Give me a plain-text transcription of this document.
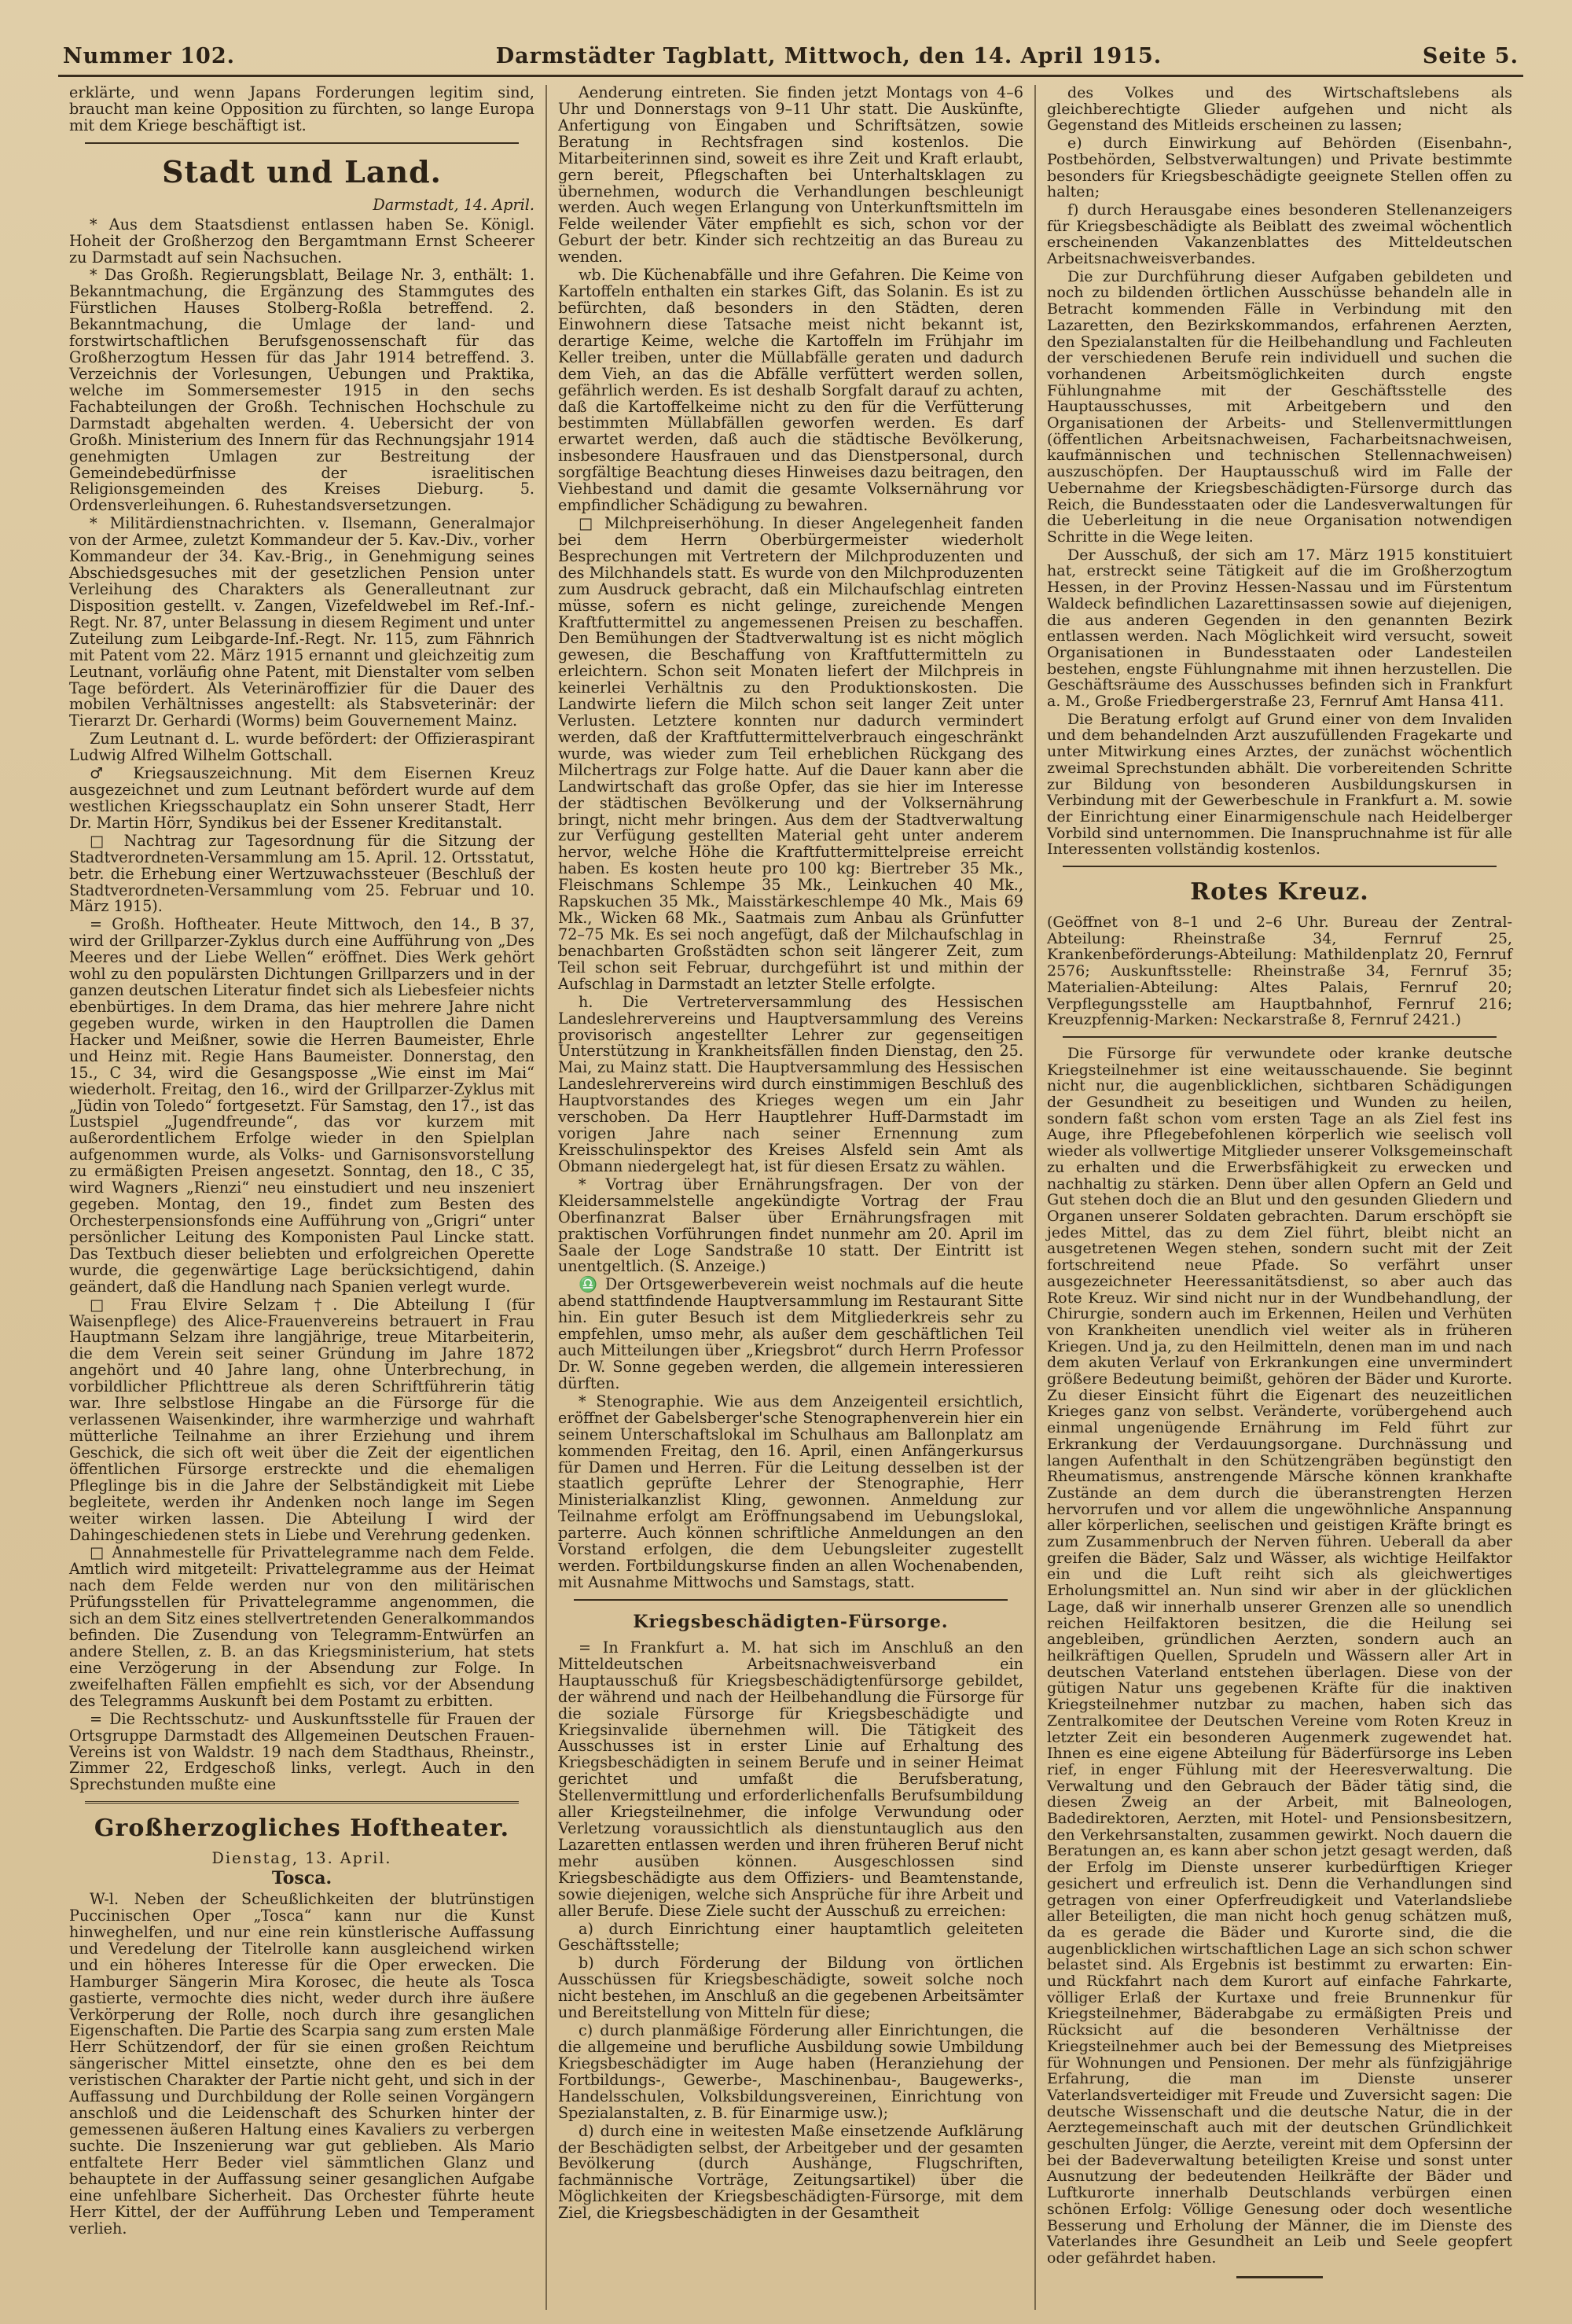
Nummer 102.	Darmstädter Tagblatt, Mittwoch, den 14. April 1915.	Seite 5.

erklärte, und wenn Japans Forderungen legitim sind, braucht man keine Opposition zu fürchten, so lange Europa mit dem Kriege beschäftigt ist.

Stadt und Land.
Darmstadt, 14. April.

* Aus dem Staatsdienst entlassen haben Se. Königl. Hoheit der Großherzog den Bergamtmann Ernst Scheerer zu Darmstadt auf sein Nachsuchen.

* Das Großh. Regierungsblatt, Beilage Nr. 3, enthält: 1. Bekanntmachung, die Ergänzung des Stammgutes des Fürstlichen Hauses Stolberg-Roßla betreffend. 2. Bekanntmachung, die Umlage der land- und forstwirtschaftlichen Berufsgenossenschaft für das Großherzogtum Hessen für das Jahr 1914 betreffend. 3. Verzeichnis der Vorlesungen, Uebungen und Praktika, welche im Sommersemester 1915 in den sechs Fachabteilungen der Großh. Technischen Hochschule zu Darmstadt abgehalten werden. 4. Uebersicht der von Großh. Ministerium des Innern für das Rechnungsjahr 1914 genehmigten Umlagen zur Bestreitung der Gemeindebedürfnisse der israelitischen Religionsgemeinden des Kreises Dieburg. 5. Ordensverleihungen. 6. Ruhestandsversetzungen.

* Militärdienstnachrichten. v. Ilsemann, Generalmajor von der Armee, zuletzt Kommandeur der 5. Kav.-Div., vorher Kommandeur der 34. Kav.-Brig., in Genehmigung seines Abschiedsgesuches mit der gesetzlichen Pension unter Verleihung des Charakters als Generalleutnant zur Disposition gestellt. v. Zangen, Vizefeldwebel im Ref.-Inf.-Regt. Nr. 87, unter Belassung in diesem Regiment und unter Zuteilung zum Leibgarde-Inf.-Regt. Nr. 115, zum Fähnrich mit Patent vom 22. März 1915 ernannt und gleichzeitig zum Leutnant, vorläufig ohne Patent, mit Dienstalter vom selben Tage befördert. Als Veterinäroffizier für die Dauer des mobilen Verhältnisses angestellt: als Stabsveterinär: der Tierarzt Dr. Gerhardi (Worms) beim Gouvernement Mainz.

Zum Leutnant d. L. wurde befördert: der Offizieraspirant Ludwig Alfred Wilhelm Gottschall.

♂ Kriegsauszeichnung. Mit dem Eisernen Kreuz ausgezeichnet und zum Leutnant befördert wurde auf dem westlichen Kriegsschauplatz ein Sohn unserer Stadt, Herr Dr. Martin Hörr, Syndikus bei der Essener Kreditanstalt.

□ Nachtrag zur Tagesordnung für die Sitzung der Stadtverordneten-Versammlung am 15. April. 12. Ortsstatut, betr. die Erhebung einer Wertzuwachssteuer (Beschluß der Stadtverordneten-Versammlung vom 25. Februar und 10. März 1915).

= Großh. Hoftheater. Heute Mittwoch, den 14., B 37, wird der Grillparzer-Zyklus durch eine Aufführung von „Des Meeres und der Liebe Wellen“ eröffnet. Dies Werk gehört wohl zu den populärsten Dichtungen Grillparzers und in der ganzen deutschen Literatur findet sich als Liebesfeier nichts ebenbürtiges. In dem Drama, das hier mehrere Jahre nicht gegeben wurde, wirken in den Hauptrollen die Damen Hacker und Meißner, sowie die Herren Baumeister, Ehrle und Heinz mit. Regie Hans Baumeister. Donnerstag, den 15., C 34, wird die Gesangsposse „Wie einst im Mai“ wiederholt. Freitag, den 16., wird der Grillparzer-Zyklus mit „Jüdin von Toledo“ fortgesetzt. Für Samstag, den 17., ist das Lustspiel „Jugendfreunde“, das vor kurzem mit außerordentlichem Erfolge wieder in den Spielplan aufgenommen wurde, als Volks- und Garnisonsvorstellung zu ermäßigten Preisen angesetzt. Sonntag, den 18., C 35, wird Wagners „Rienzi“ neu einstudiert und neu inszeniert gegeben. Montag, den 19., findet zum Besten des Orchesterpensionsfonds eine Aufführung von „Grigri“ unter persönlicher Leitung des Komponisten Paul Lincke statt. Das Textbuch dieser beliebten und erfolgreichen Operette wurde, die gegenwärtige Lage berücksichtigend, dahin geändert, daß die Handlung nach Spanien verlegt wurde.

□ Frau Elvire Selzam †. Die Abteilung I (für Waisenpflege) des Alice-Frauenvereins betrauert in Frau Hauptmann Selzam ihre langjährige, treue Mitarbeiterin, die dem Verein seit seiner Gründung im Jahre 1872 angehört und 40 Jahre lang, ohne Unterbrechung, in vorbildlicher Pflichttreue als deren Schriftführerin tätig war. Ihre selbstlose Hingabe an die Fürsorge für die verlassenen Waisenkinder, ihre warmherzige und wahrhaft mütterliche Teilnahme an ihrer Erziehung und ihrem Geschick, die sich oft weit über die Zeit der eigentlichen öffentlichen Fürsorge erstreckte und die ehemaligen Pfleglinge bis in die Jahre der Selbständigkeit mit Liebe begleitete, werden ihr Andenken noch lange im Segen weiter wirken lassen. Die Abteilung I wird der Dahingeschiedenen stets in Liebe und Verehrung gedenken.

□ Annahmestelle für Privattelegramme nach dem Felde. Amtlich wird mitgeteilt: Privattelegramme aus der Heimat nach dem Felde werden nur von den militärischen Prüfungsstellen für Privattelegramme angenommen, die sich an dem Sitz eines stellvertretenden Generalkommandos befinden. Die Zusendung von Telegramm-Entwürfen an andere Stellen, z. B. an das Kriegsministerium, hat stets eine Verzögerung in der Absendung zur Folge. In zweifelhaften Fällen empfiehlt es sich, vor der Absendung des Telegramms Auskunft bei dem Postamt zu erbitten.

= Die Rechtsschutz- und Auskunftsstelle für Frauen der Ortsgruppe Darmstadt des Allgemeinen Deutschen Frauen-Vereins ist von Waldstr. 19 nach dem Stadthaus, Rheinstr., Zimmer 22, Erdgeschoß links, verlegt. Auch in den Sprechstunden mußte eine

Großherzogliches Hoftheater.
Dienstag, 13. April.
Tosca.

W-l. Neben der Scheußlichkeiten der blutrünstigen Puccinischen Oper „Tosca“ kann nur die Kunst hinweghelfen, und nur eine rein künstlerische Auffassung und Veredelung der Titelrolle kann ausgleichend wirken und ein höheres Interesse für die Oper erwecken. Die Hamburger Sängerin Mira Korosec, die heute als Tosca gastierte, vermochte dies nicht, weder durch ihre äußere Verkörperung der Rolle, noch durch ihre gesanglichen Eigenschaften. Die Partie des Scarpia sang zum ersten Male Herr Schützendorf, der für sie einen großen Reichtum sängerischer Mittel einsetzte, ohne den es bei dem veristischen Charakter der Partie nicht geht, und sich in der Auffassung und Durchbildung der Rolle seinen Vorgängern anschloß und die Leidenschaft des Schurken hinter der gemessenen äußeren Haltung eines Kavaliers zu verbergen suchte. Die Inszenierung war gut geblieben. Als Mario entfaltete Herr Beder viel sämmtlichen Glanz und behauptete in der Auffassung seiner gesanglichen Aufgabe eine unfehlbare Sicherheit. Das Orchester führte heute Herr Kittel, der der Aufführung Leben und Temperament verlieh.

Aenderung eintreten. Sie finden jetzt Montags von 4–6 Uhr und Donnerstags von 9–11 Uhr statt. Die Auskünfte, Anfertigung von Eingaben und Schriftsätzen, sowie Beratung in Rechtsfragen sind kostenlos. Die Mitarbeiterinnen sind, soweit es ihre Zeit und Kraft erlaubt, gern bereit, Pflegschaften bei Unterhaltsklagen zu übernehmen, wodurch die Verhandlungen beschleunigt werden. Auch wegen Erlangung von Unterkunftsmitteln im Felde weilender Väter empfiehlt es sich, schon vor der Geburt der betr. Kinder sich rechtzeitig an das Bureau zu wenden.

wb. Die Küchenabfälle und ihre Gefahren. Die Keime von Kartoffeln enthalten ein starkes Gift, das Solanin. Es ist zu befürchten, daß besonders in den Städten, deren Einwohnern diese Tatsache meist nicht bekannt ist, derartige Keime, welche die Kartoffeln im Frühjahr im Keller treiben, unter die Müllabfälle geraten und dadurch dem Vieh, an das die Abfälle verfüttert werden sollen, gefährlich werden. Es ist deshalb Sorgfalt darauf zu achten, daß die Kartoffelkeime nicht zu den für die Verfütterung bestimmten Müllabfällen geworfen werden. Es darf erwartet werden, daß auch die städtische Bevölkerung, insbesondere Hausfrauen und das Dienstpersonal, durch sorgfältige Beachtung dieses Hinweises dazu beitragen, den Viehbestand und damit die gesamte Volksernährung vor empfindlicher Schädigung zu bewahren.

□ Milchpreiserhöhung. In dieser Angelegenheit fanden bei dem Herrn Oberbürgermeister wiederholt Besprechungen mit Vertretern der Milchproduzenten und des Milchhandels statt. Es wurde von den Milchproduzenten zum Ausdruck gebracht, daß ein Milchaufschlag eintreten müsse, sofern es nicht gelinge, zureichende Mengen Kraftfuttermittel zu angemessenen Preisen zu beschaffen. Den Bemühungen der Stadtverwaltung ist es nicht möglich gewesen, die Beschaffung von Kraftfuttermitteln zu erleichtern. Schon seit Monaten liefert der Milchpreis in keinerlei Verhältnis zu den Produktionskosten. Die Landwirte liefern die Milch schon seit langer Zeit unter Verlusten. Letztere konnten nur dadurch vermindert werden, daß der Kraftfuttermittelverbrauch eingeschränkt wurde, was wieder zum Teil erheblichen Rückgang des Milchertrags zur Folge hatte. Auf die Dauer kann aber die Landwirtschaft das große Opfer, das sie hier im Interesse der städtischen Bevölkerung und der Volksernährung bringt, nicht mehr bringen. Aus dem der Stadtverwaltung zur Verfügung gestellten Material geht unter anderem hervor, welche Höhe die Kraftfuttermittelpreise erreicht haben. Es kosten heute pro 100 kg: Biertreber 35 Mk., Fleischmans Schlempe 35 Mk., Leinkuchen 40 Mk., Rapskuchen 35 Mk., Maisstärkeschlempe 40 Mk., Mais 69 Mk., Wicken 68 Mk., Saatmais zum Anbau als Grünfutter 72–75 Mk. Es sei noch angefügt, daß der Milchaufschlag in benachbarten Großstädten schon seit längerer Zeit, zum Teil schon seit Februar, durchgeführt ist und mithin der Aufschlag in Darmstadt an letzter Stelle erfolgte.

h. Die Vertreterversammlung des Hessischen Landeslehrervereins und Hauptversammlung des Vereins provisorisch angestellter Lehrer zur gegenseitigen Unterstützung in Krankheitsfällen finden Dienstag, den 25. Mai, zu Mainz statt. Die Hauptversammlung des Hessischen Landeslehrervereins wird durch einstimmigen Beschluß des Hauptvorstandes des Krieges wegen um ein Jahr verschoben. Da Herr Hauptlehrer Huff-Darmstadt im vorigen Jahre nach seiner Ernennung zum Kreisschulinspektor des Kreises Alsfeld sein Amt als Obmann niedergelegt hat, ist für diesen Ersatz zu wählen.

* Vortrag über Ernährungsfragen. Der von der Kleidersammelstelle angekündigte Vortrag der Frau Oberfinanzrat Balser über Ernährungsfragen mit praktischen Vorführungen findet nunmehr am 20. April im Saale der Loge Sandstraße 10 statt. Der Eintritt ist unentgeltlich. (S. Anzeige.)

♎ Der Ortsgewerbeverein weist nochmals auf die heute abend stattfindende Hauptversammlung im Restaurant Sitte hin. Ein guter Besuch ist dem Mitgliederkreis sehr zu empfehlen, umso mehr, als außer dem geschäftlichen Teil auch Mitteilungen über „Kriegsbrot“ durch Herrn Professor Dr. W. Sonne gegeben werden, die allgemein interessieren dürften.

* Stenographie. Wie aus dem Anzeigenteil ersichtlich, eröffnet der Gabelsberger'sche Stenographenverein hier ein seinem Unterschaftslokal im Schulhaus am Ballonplatz am kommenden Freitag, den 16. April, einen Anfängerkursus für Damen und Herren. Für die Leitung desselben ist der staatlich geprüfte Lehrer der Stenographie, Herr Ministerialkanzlist Kling, gewonnen. Anmeldung zur Teilnahme erfolgt am Eröffnungsabend im Uebungslokal, parterre. Auch können schriftliche Anmeldungen an den Vorstand erfolgen, die dem Uebungsleiter zugestellt werden. Fortbildungskurse finden an allen Wochenabenden, mit Ausnahme Mittwochs und Samstags, statt.

Kriegsbeschädigten-Fürsorge.

= In Frankfurt a. M. hat sich im Anschluß an den Mitteldeutschen Arbeitsnachweisverband ein Hauptausschuß für Kriegsbeschädigtenfürsorge gebildet, der während und nach der Heilbehandlung die Fürsorge für die soziale Fürsorge für Kriegsbeschädigte und Kriegsinvalide übernehmen will. Die Tätigkeit des Ausschusses ist in erster Linie auf Erhaltung des Kriegsbeschädigten in seinem Berufe und in seiner Heimat gerichtet und umfaßt die Berufsberatung, Stellenvermittlung und erforderlichenfalls Berufsumbildung aller Kriegsteilnehmer, die infolge Verwundung oder Verletzung voraussichtlich als dienstuntauglich aus den Lazaretten entlassen werden und ihren früheren Beruf nicht mehr ausüben können. Ausgeschlossen sind Kriegsbeschädigte aus dem Offiziers- und Beamtenstande, sowie diejenigen, welche sich Ansprüche für ihre Arbeit und aller Berufe. Diese Ziele sucht der Ausschuß zu erreichen:

a) durch Einrichtung einer hauptamtlich geleiteten Geschäftsstelle;

b) durch Förderung der Bildung von örtlichen Ausschüssen für Kriegsbeschädigte, soweit solche noch nicht bestehen, im Anschluß an die gegebenen Arbeitsämter und Bereitstellung von Mitteln für diese;

c) durch planmäßige Förderung aller Einrichtungen, die die allgemeine und berufliche Ausbildung sowie Umbildung Kriegsbeschädigter im Auge haben (Heranziehung der Fortbildungs-, Gewerbe-, Maschinenbau-, Baugewerks-, Handelsschulen, Volksbildungsvereinen, Einrichtung von Spezialanstalten, z. B. für Einarmige usw.);

d) durch eine in weitesten Maße einsetzende Aufklärung der Beschädigten selbst, der Arbeitgeber und der gesamten Bevölkerung (durch Aushänge, Flugschriften, fachmännische Vorträge, Zeitungsartikel) über die Möglichkeiten der Kriegsbeschädigten-Fürsorge, mit dem Ziel, die Kriegsbeschädigten in der Gesamtheit

des Volkes und des Wirtschaftslebens als gleichberechtigte Glieder aufgehen und nicht als Gegenstand des Mitleids erscheinen zu lassen;

e) durch Einwirkung auf Behörden (Eisenbahn-, Postbehörden, Selbstverwaltungen) und Private bestimmte besonders für Kriegsbeschädigte geeignete Stellen offen zu halten;

f) durch Herausgabe eines besonderen Stellenanzeigers für Kriegsbeschädigte als Beiblatt des zweimal wöchentlich erscheinenden Vakanzenblattes des Mitteldeutschen Arbeitsnachweisverbandes.

Die zur Durchführung dieser Aufgaben gebildeten und noch zu bildenden örtlichen Ausschüsse behandeln alle in Betracht kommenden Fälle in Verbindung mit den Lazaretten, den Bezirkskommandos, erfahrenen Aerzten, den Spezialanstalten für die Heilbehandlung und Fachleuten der verschiedenen Berufe rein individuell und suchen die vorhandenen Arbeitsmöglichkeiten durch engste Fühlungnahme mit der Geschäftsstelle des Hauptausschusses, mit Arbeitgebern und den Organisationen der Arbeits- und Stellenvermittlungen (öffentlichen Arbeitsnachweisen, Facharbeitsnachweisen, kaufmännischen und technischen Stellennachweisen) auszuschöpfen. Der Hauptausschuß wird im Falle der Uebernahme der Kriegsbeschädigten-Fürsorge durch das Reich, die Bundesstaaten oder die Landesverwaltungen für die Ueberleitung in die neue Organisation notwendigen Schritte in die Wege leiten.

Der Ausschuß, der sich am 17. März 1915 konstituiert hat, erstreckt seine Tätigkeit auf die im Großherzogtum Hessen, in der Provinz Hessen-Nassau und im Fürstentum Waldeck befindlichen Lazarettinsassen sowie auf diejenigen, die aus anderen Gegenden in den genannten Bezirk entlassen werden. Nach Möglichkeit wird versucht, soweit Organisationen in Bundesstaaten oder Landesteilen bestehen, engste Fühlungnahme mit ihnen herzustellen. Die Geschäftsräume des Ausschusses befinden sich in Frankfurt a. M., Große Friedbergerstraße 23, Fernruf Amt Hansa 411.

Die Beratung erfolgt auf Grund einer von dem Invaliden und dem behandelnden Arzt auszufüllenden Fragekarte und unter Mitwirkung eines Arztes, der zunächst wöchentlich zweimal Sprechstunden abhält. Die vorbereitenden Schritte zur Bildung von besonderen Ausbildungskursen in Verbindung mit der Gewerbeschule in Frankfurt a. M. sowie der Einrichtung einer Einarmigenschule nach Heidelberger Vorbild sind unternommen. Die Inanspruchnahme ist für alle Interessenten vollständig kostenlos.

Rotes Kreuz.

(Geöffnet von 8–1 und 2–6 Uhr. Bureau der Zentral-Abteilung: Rheinstraße 34, Fernruf 25, Krankenbeförderungs-Abteilung: Mathildenplatz 20, Fernruf 2576; Auskunftsstelle: Rheinstraße 34, Fernruf 35; Materialien-Abteilung: Altes Palais, Fernruf 20; Verpflegungsstelle am Hauptbahnhof, Fernruf 216; Kreuzpfennig-Marken: Neckarstraße 8, Fernruf 2421.)

Die Fürsorge für verwundete oder kranke deutsche Kriegsteilnehmer ist eine weitausschauende. Sie beginnt nicht nur, die augenblicklichen, sichtbaren Schädigungen der Gesundheit zu beseitigen und Wunden zu heilen, sondern faßt schon vom ersten Tage an als Ziel fest ins Auge, ihre Pflegebefohlenen körperlich wie seelisch voll wieder als vollwertige Mitglieder unserer Volksgemeinschaft zu erhalten und die Erwerbsfähigkeit zu erwecken und nachhaltig zu stärken. Denn über allen Opfern an Geld und Gut stehen doch die an Blut und den gesunden Gliedern und Organen unserer Soldaten gebrachten. Darum erschöpft sie jedes Mittel, das zu dem Ziel führt, bleibt nicht an ausgetretenen Wegen stehen, sondern sucht mit der Zeit fortschreitend neue Pfade. So verfährt unser ausgezeichneter Heeressanitätsdienst, so aber auch das Rote Kreuz. Wir sind nicht nur in der Wundbehandlung, der Chirurgie, sondern auch im Erkennen, Heilen und Verhüten von Krankheiten unendlich viel weiter als in früheren Kriegen. Und ja, zu den Heilmitteln, denen man im und nach dem akuten Verlauf von Erkrankungen eine unvermindert größere Bedeutung beimißt, gehören der Bäder und Kurorte. Zu dieser Einsicht führt die Eigenart des neuzeitlichen Krieges ganz von selbst. Veränderte, vorübergehend auch einmal ungenügende Ernährung im Feld führt zur Erkrankung der Verdauungsorgane. Durchnässung und langen Aufenthalt in den Schützengräben begünstigt den Rheumatismus, anstrengende Märsche können krankhafte Zustände an dem durch die überanstrengten Herzen hervorrufen und vor allem die ungewöhnliche Anspannung aller körperlichen, seelischen und geistigen Kräfte bringt es zum Zusammenbruch der Nerven führen. Ueberall da aber greifen die Bäder, Salz und Wässer, als wichtige Heilfaktor ein und die Luft reiht sich als gleichwertiges Erholungsmittel an. Nun sind wir aber in der glücklichen Lage, daß wir innerhalb unserer Grenzen alle so unendlich reichen Heilfaktoren besitzen, die die Heilung sei angebleiben, gründlichen Aerzten, sondern auch an heilkräftigen Quellen, Sprudeln und Wässern aller Art in deutschen Vaterland entstehen überlagen. Diese von der gütigen Natur uns gegebenen Kräfte für die inaktiven Kriegsteilnehmer nutzbar zu machen, haben sich das Zentralkomitee der Deutschen Vereine vom Roten Kreuz in letzter Zeit ein besonderen Augenmerk zugewendet hat. Ihnen es eine eigene Abteilung für Bäderfürsorge ins Leben rief, in enger Fühlung mit der Heeresverwaltung. Die Verwaltung und den Gebrauch der Bäder tätig sind, die diesen Zweig an der Arbeit, mit Balneologen, Badedirektoren, Aerzten, mit Hotel- und Pensionsbesitzern, den Verkehrsanstalten, zusammen gewirkt. Noch dauern die Beratungen an, es kann aber schon jetzt gesagt werden, daß der Erfolg im Dienste unserer kurbedürftigen Krieger gesichert und erfreulich ist. Denn die Verhandlungen sind getragen von einer Opferfreudigkeit und Vaterlandsliebe aller Beteiligten, die man nicht hoch genug schätzen muß, da es gerade die Bäder und Kurorte sind, die die augenblicklichen wirtschaftlichen Lage an sich schon schwer belastet sind. Als Ergebnis ist bestimmt zu erwarten: Ein- und Rückfahrt nach dem Kurort auf einfache Fahrkarte, völliger Erlaß der Kurtaxe und freie Brunnenkur für Kriegsteilnehmer, Bäderabgabe zu ermäßigten Preis und Rücksicht auf die besonderen Verhältnisse der Kriegsteilnehmer auch bei der Bemessung des Mietpreises für Wohnungen und Pensionen. Der mehr als fünfzigjährige Erfahrung, die man im Dienste unserer Vaterlandsverteidiger mit Freude und Zuversicht sagen: Die deutsche Wissenschaft und die deutsche Natur, die in der Aerztegemeinschaft auch mit der deutschen Gründlichkeit geschulten Jünger, die Aerzte, vereint mit dem Opfersinn der bei der Badeverwaltung beteiligten Kreise und sonst unter Ausnutzung der bedeutenden Heilkräfte der Bäder und Luftkurorte innerhalb Deutschlands verbürgen einen schönen Erfolg: Völlige Genesung oder doch wesentliche Besserung und Erholung der Männer, die im Dienste des Vaterlandes ihre Gesundheit an Leib und Seele geopfert oder gefährdet haben.
